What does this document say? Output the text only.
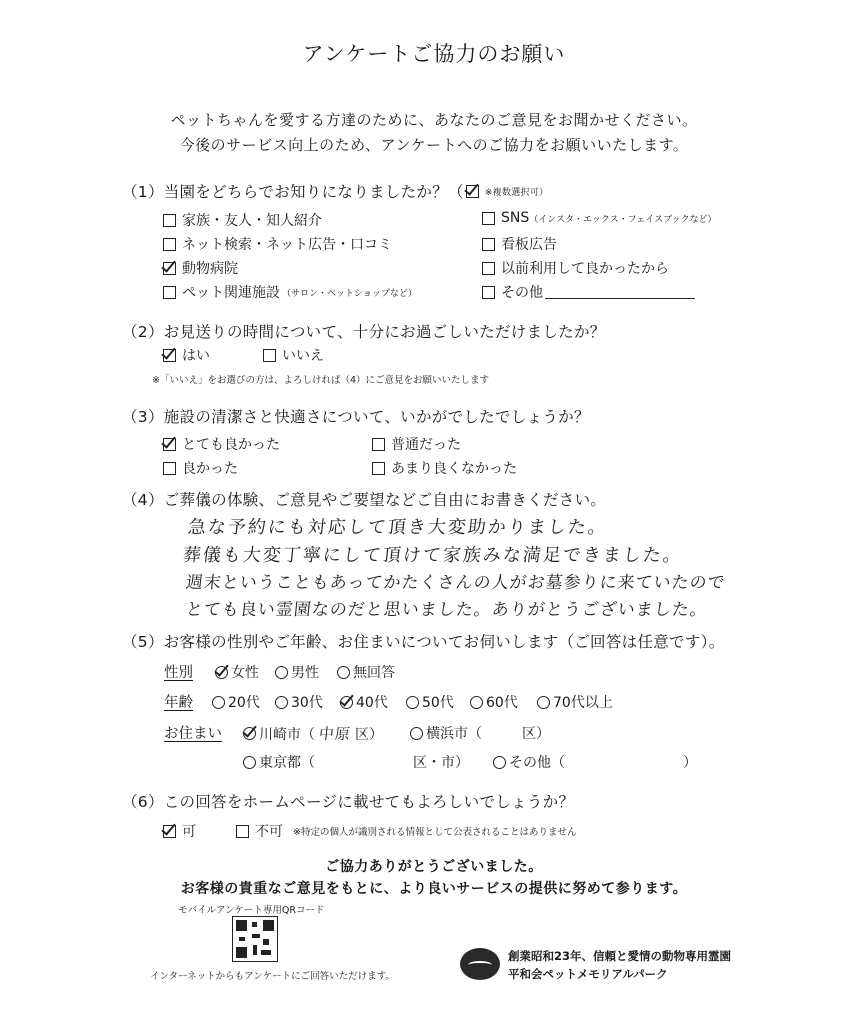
アンケートご協力のお願い
ペットちゃんを愛する方達のために、あなたのご意見をお聞かせください。
今後のサービス向上のため、アンケートへのご協力をお願いいたします。
（1）当園をどちらでお知りになりましたか？（ ※複数選択可）
家族・友人・知人紹介
ネット検索・ネット広告・口コミ
動物病院
ペット関連施設 （サロン・ペットショップなど）
SNS （インスタ・エックス・フェイスブックなど）
看板広告
以前利用して良かったから
その他
（2）お見送りの時間について、十分にお過ごしいただけましたか？
はい	いいえ
※「いいえ」をお選びの方は、よろしければ（4）にご意見をお願いいたします
（3）施設の清潔さと快適さについて、いかがでしたでしょうか？
とても良かった	普通だった
良かった	あまり良くなかった
（4）ご葬儀の体験、ご意見やご要望などご自由にお書きください。
急な予約にも対応して頂き大変助かりました。
葬儀も大変丁寧にして頂けて家族みな満足できました。
週末ということもあってかたくさんの人がお墓参りに来ていたので
とても良い霊園なのだと思いました。ありがとうございました。
（5）お客様の性別やご年齢、お住まいについてお伺いします（ご回答は任意です）。
性別	女性 男性 無回答
年齢	20代 30代 40代 50代 60代	70代以上
お住まい	川崎市（ 中原 区）	横浜市（	区）
東京都（	区・市）	その他（	）
（6）この回答をホームページに載せてもよろしいでしょうか？
可	不可 ※特定の個人が識別される情報として公表されることはありません
ご協力ありがとうございました。
お客様の貴重なご意見をもとに、より良いサービスの提供に努めて参ります。
モバイルアンケート専用QRコード
インターネットからもアンケートにご回答いただけます。
創業昭和23年、信頼と愛情の動物専用霊園
平和会ペットメモリアルパーク
